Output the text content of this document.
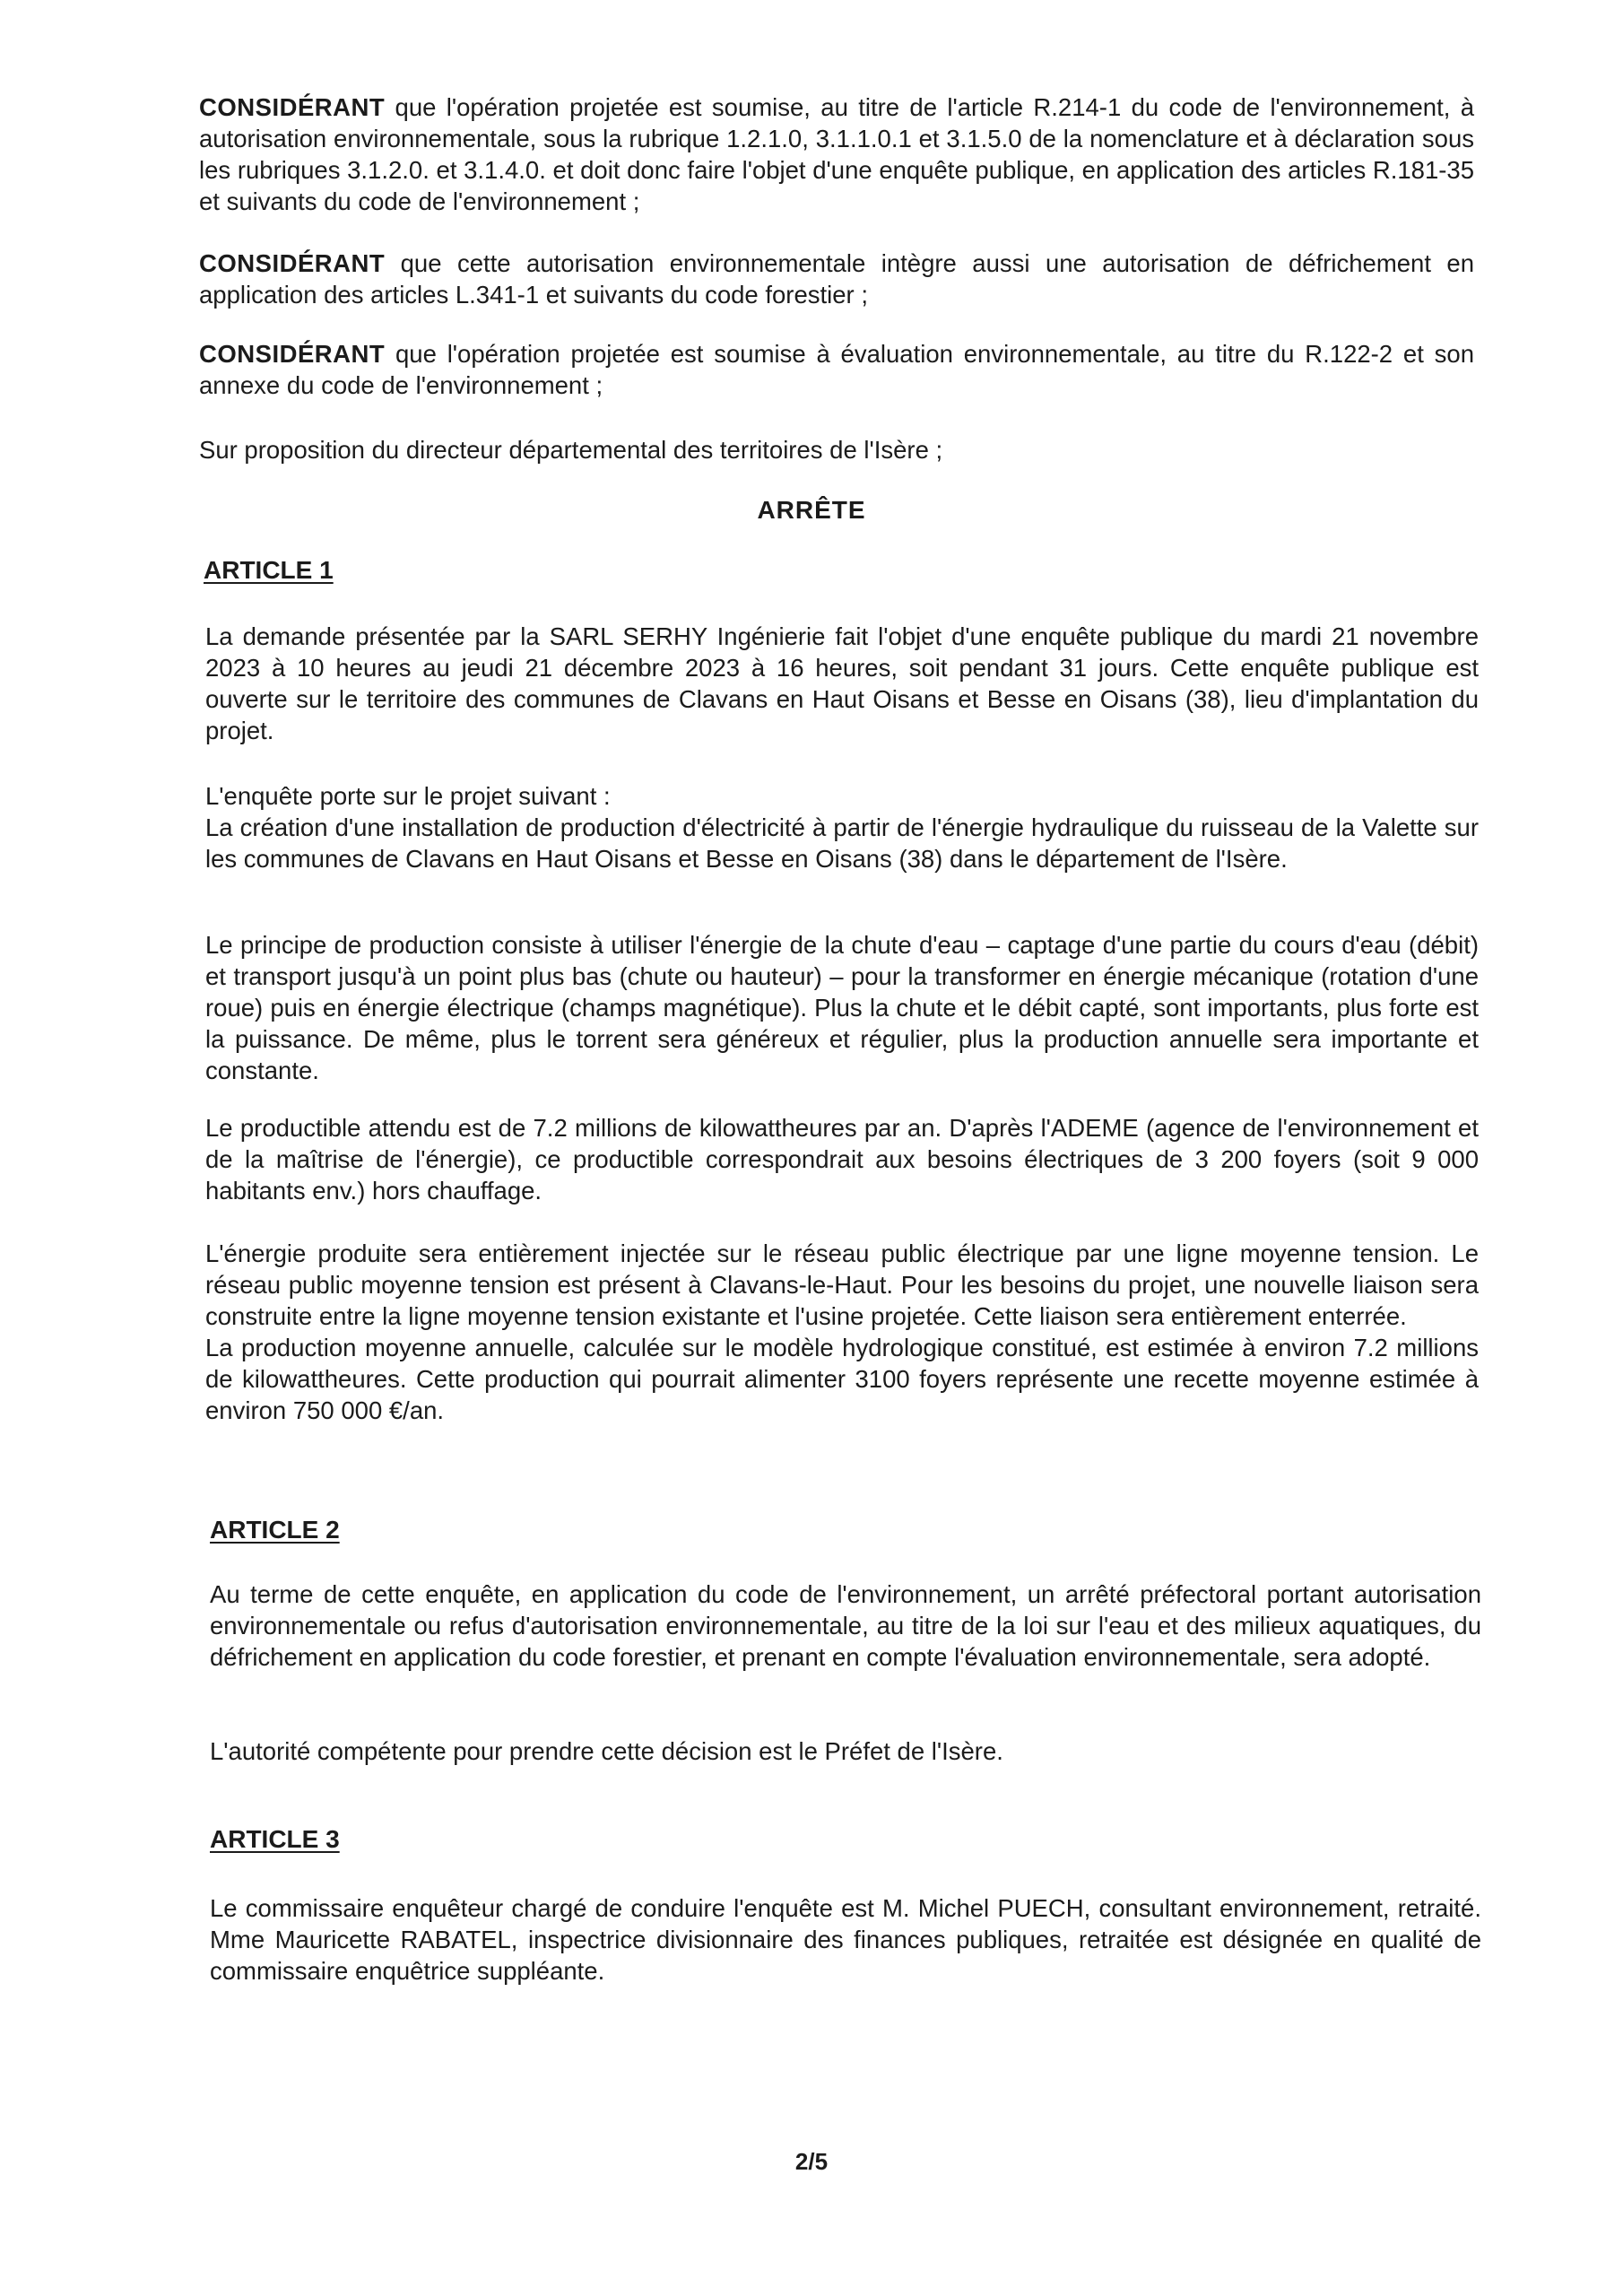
CONSIDÉRANT que l'opération projetée est soumise, au titre de l'article R.214-1 du code de l'environnement, à autorisation environnementale, sous la rubrique 1.2.1.0, 3.1.1.0.1 et 3.1.5.0 de la nomenclature et à déclaration sous les rubriques 3.1.2.0. et 3.1.4.0. et doit donc faire l'objet d'une enquête publique, en application des articles R.181-35 et suivants du code de l'environnement ;

CONSIDÉRANT que cette autorisation environnementale intègre aussi une autorisation de défrichement en application des articles L.341-1 et suivants du code forestier ;

CONSIDÉRANT que l'opération projetée est soumise à évaluation environnementale, au titre du R.122-2 et son annexe du code de l'environnement ;

Sur proposition du directeur départemental des territoires de l'Isère ;

ARRÊTE
ARTICLE 1

La demande présentée par la SARL SERHY Ingénierie fait l'objet d'une enquête publique du mardi 21 novembre 2023 à 10 heures au jeudi 21 décembre 2023 à 16 heures, soit pendant 31 jours. Cette enquête publique est ouverte sur le territoire des communes de Clavans en Haut Oisans et Besse en Oisans (38), lieu d'implantation du projet.

L'enquête porte sur le projet suivant :

La création d'une installation de production d'électricité à partir de l'énergie hydraulique du ruisseau de la Valette sur les communes de Clavans en Haut Oisans et Besse en Oisans (38) dans le département de l'Isère.

Le principe de production consiste à utiliser l'énergie de la chute d'eau – captage d'une partie du cours d'eau (débit) et transport jusqu'à un point plus bas (chute ou hauteur) – pour la transformer en énergie mécanique (rotation d'une roue) puis en énergie électrique (champs magnétique). Plus la chute et le débit capté, sont importants, plus forte est la puissance. De même, plus le torrent sera généreux et régulier, plus la production annuelle sera importante et constante.

Le productible attendu est de 7.2 millions de kilowattheures par an. D'après l'ADEME (agence de l'environnement et de la maîtrise de l'énergie), ce productible correspondrait aux besoins électriques de 3 200 foyers (soit 9 000 habitants env.) hors chauffage.

L'énergie produite sera entièrement injectée sur le réseau public électrique par une ligne moyenne tension. Le réseau public moyenne tension est présent à Clavans-le-Haut. Pour les besoins du projet, une nouvelle liaison sera construite entre la ligne moyenne tension existante et l'usine projetée. Cette liaison sera entièrement enterrée.

La production moyenne annuelle, calculée sur le modèle hydrologique constitué, est estimée à environ 7.2 millions de kilowattheures. Cette production qui pourrait alimenter 3100 foyers représente une recette moyenne estimée à environ 750 000 €/an.

ARTICLE 2

Au terme de cette enquête, en application du code de l'environnement, un arrêté préfectoral portant autorisation environnementale ou refus d'autorisation environnementale, au titre de la loi sur l'eau et des milieux aquatiques, du défrichement en application du code forestier, et prenant en compte l'évaluation environnementale, sera adopté.

L'autorité compétente pour prendre cette décision est le Préfet de l'Isère.

ARTICLE 3

Le commissaire enquêteur chargé de conduire l'enquête est M. Michel PUECH, consultant environnement, retraité. Mme Mauricette RABATEL, inspectrice divisionnaire des finances publiques, retraitée est désignée en qualité de commissaire enquêtrice suppléante.

2/5
